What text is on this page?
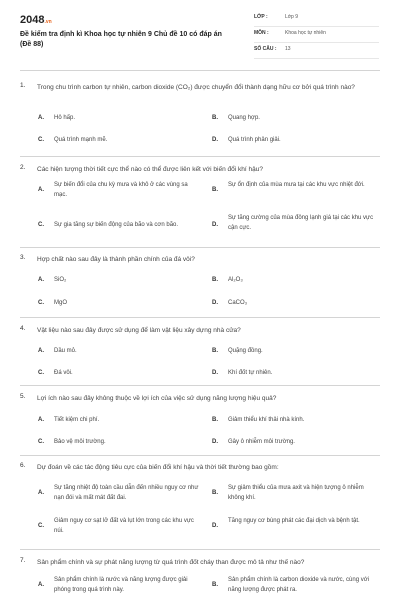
2048.vn
Đề kiểm tra định kì Khoa học tự nhiên 9 Chủ đề 10 có đáp án (Đề 88)
LỚP :	Lớp 9
MÔN :	Khoa học tự nhiên
SỐ CÂU : 13
1. Trong chu trình carbon tự nhiên, carbon dioxide (CO₂) được chuyển đổi thành dạng hữu cơ bởi quá trình nào?
A. Hô hấp.	B. Quang hợp.
C. Quá trình mạnh mẽ.	D. Quá trình phân giải.
2. Các hiện tượng thời tiết cực thể nào có thể được liên kết với biến đổi khí hậu?
A.
Sự biến đổi của chu kỳ mưa và khô ở các vùng sa mạc.
B.
Sự ổn định của mùa mưa tại các khu vực nhiệt đới.
C. Sự gia tăng sự biến động của bão và cơn bão.	D.
Sự tăng cường của mùa đông lạnh giá tại các khu vực cận cực.
3. Hợp chất nào sau đây là thành phần chính của đá vôi?
A. SiO₂	B. Al₂O₃
C. MgO	D. CaCO₃
4. Vật liệu nào sau đây được sử dụng để làm vật liệu xây dựng nhà cửa?
A. Dầu mỏ.	B. Quặng đồng.
C. Đá vôi.	D. Khí đốt tự nhiên.
5. Lợi ích nào sau đây không thuộc về lợi ích của việc sử dụng năng lượng hiệu quả?
A. Tiết kiệm chi phí.	B. Giảm thiểu khí thải nhà kính.
C. Bảo vệ môi trường.	D. Gây ô nhiễm môi trường.
6. Dự đoán về các tác động tiêu cực của biến đổi khí hậu và thời tiết thường bao gồm:
A.
Sự tăng nhiệt độ toàn cầu dẫn đến nhiều nguy cơ như nạn đói và mất mát đất đai.
B.
Sự giảm thiểu của mưa axit và hiện tượng ô nhiễm không khí.
C.
Giảm nguy cơ sạt lở đất và lụt lớn trong các khu vực núi.
D.
Tăng nguy cơ bùng phát các đại dịch và bệnh tật.
7. Sản phẩm chính và sự phát năng lượng từ quá trình đốt cháy than được mô tả như thế nào?
A.
Sản phẩm chính là nước và năng lượng được giải phóng trong quá trình này.
B.
Sản phẩm chính là carbon dioxide và nước, cùng với năng lượng được phát ra.
